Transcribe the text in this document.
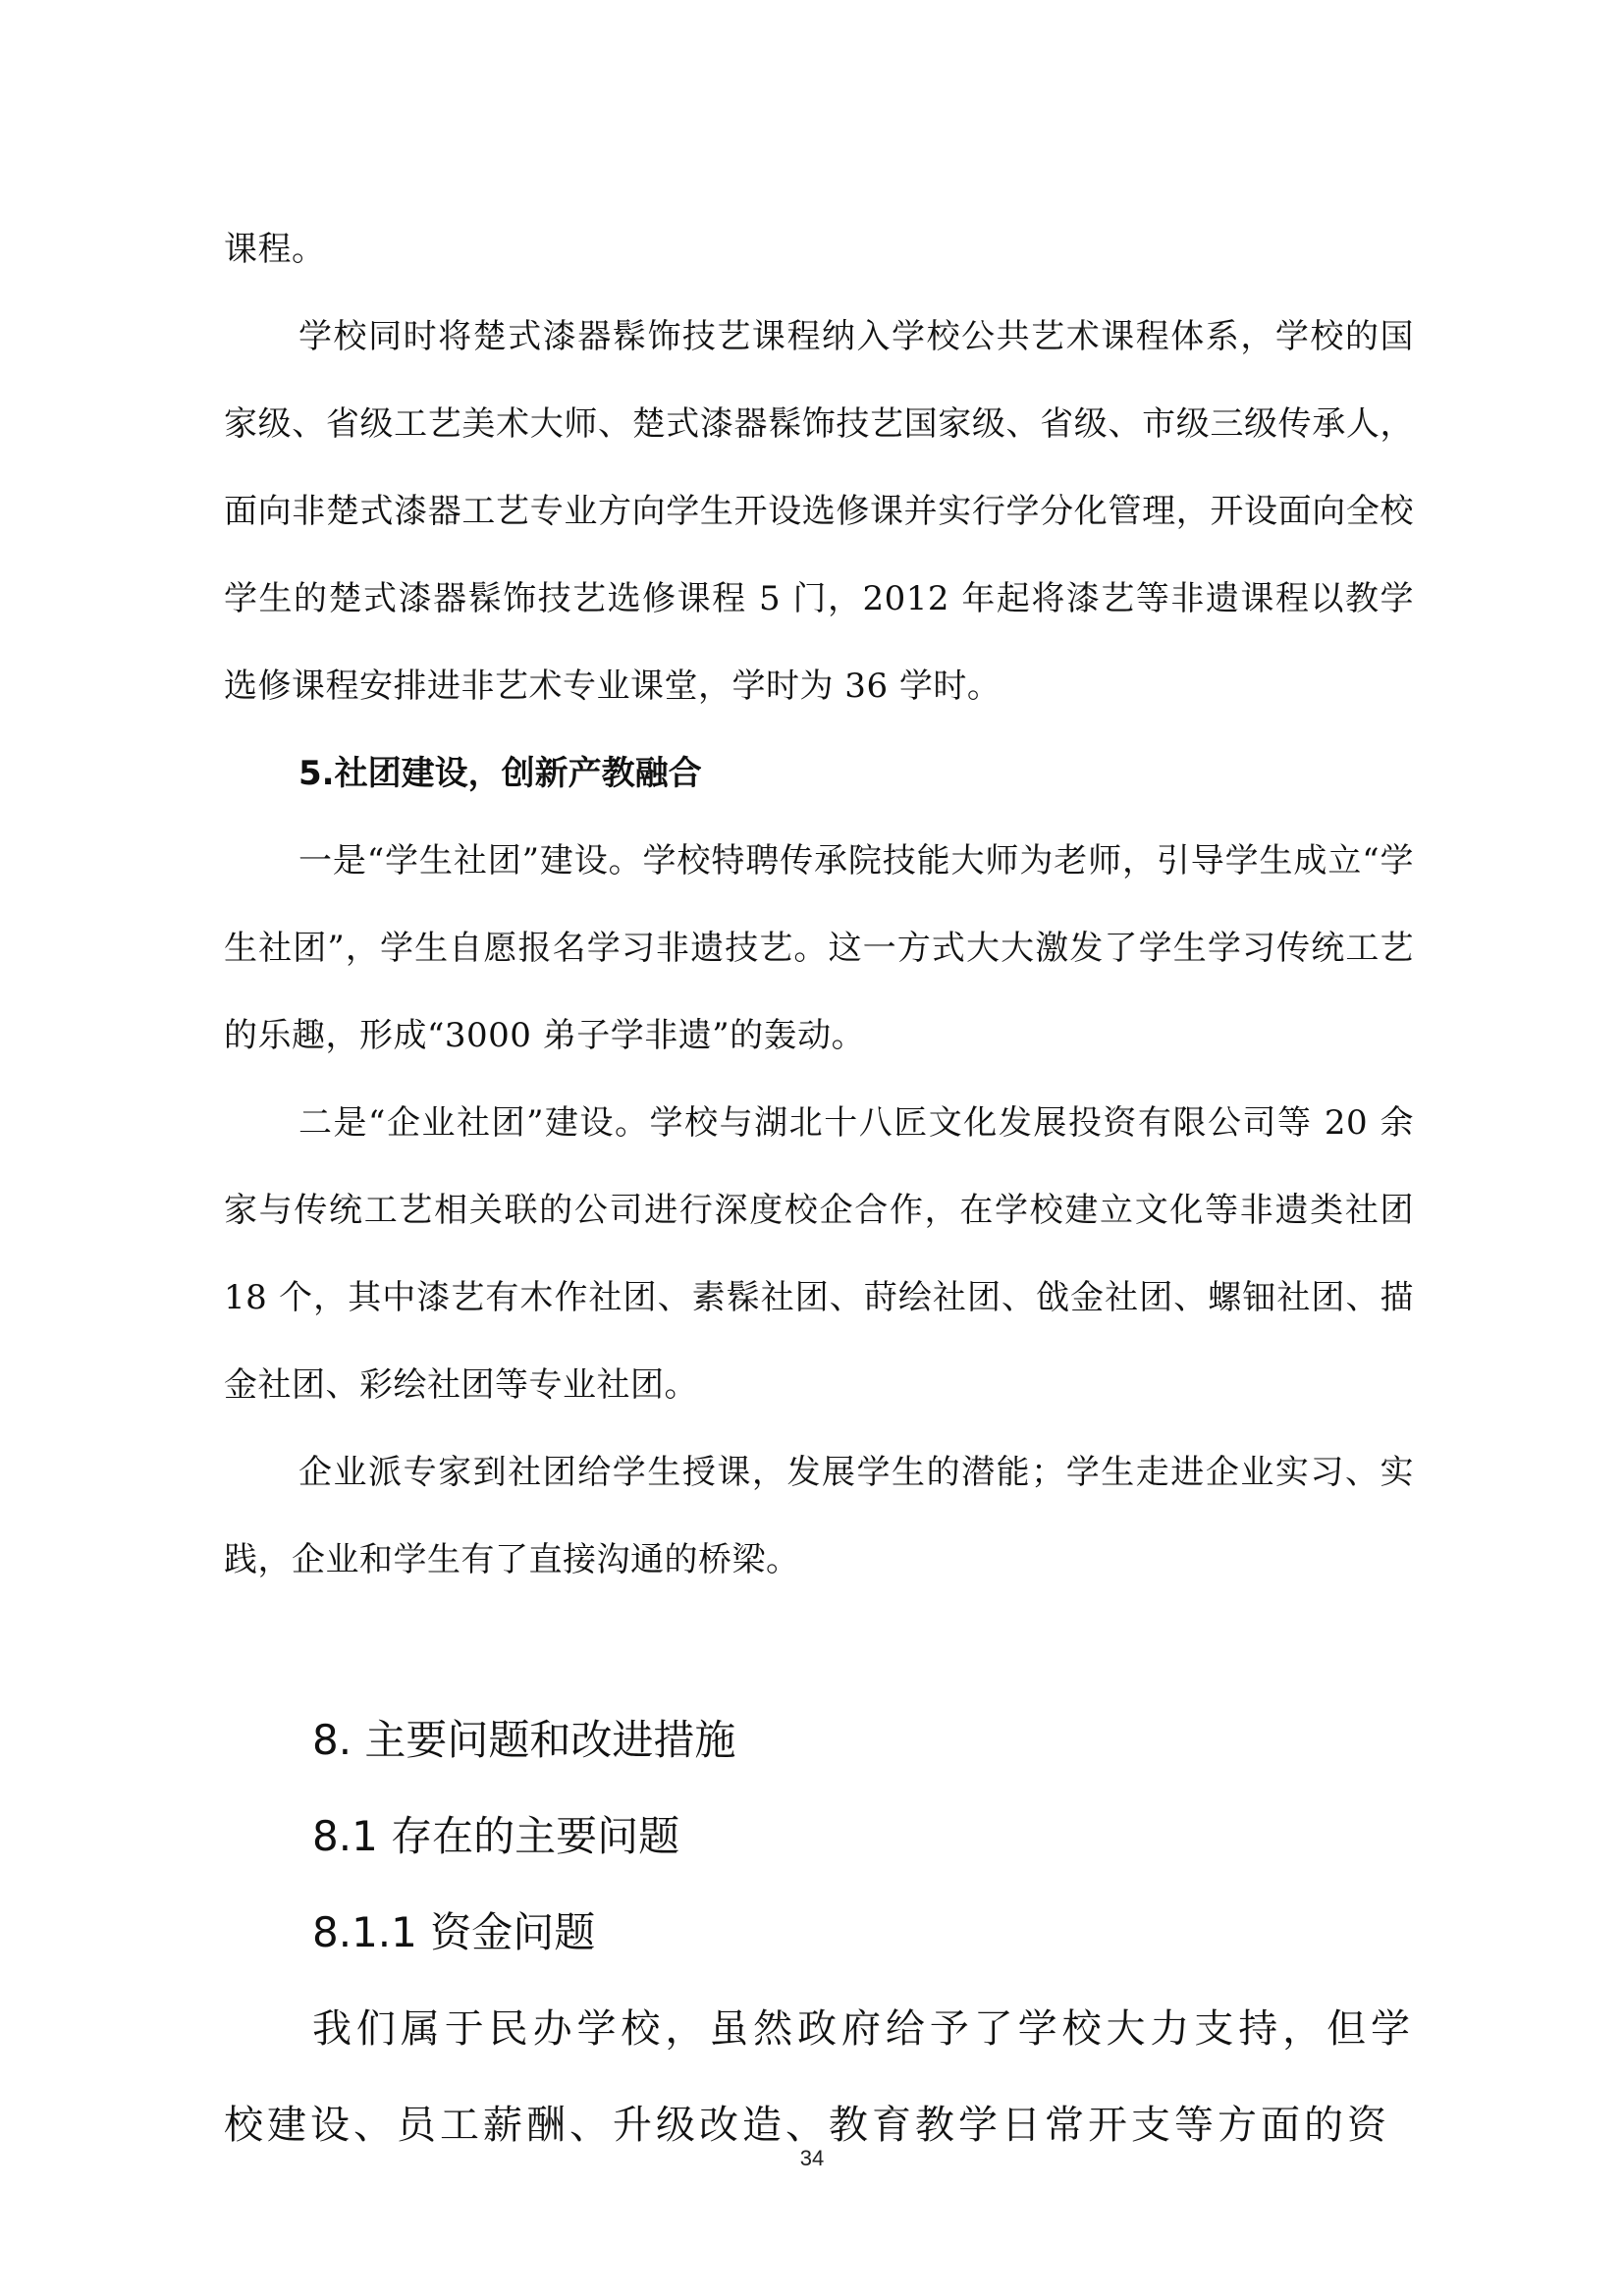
课程。

学校同时将楚式漆器髹饰技艺课程纳入学校公共艺术课程体系，学校的国家级、省级工艺美术大师、楚式漆器髹饰技艺国家级、省级、市级三级传承人，面向非楚式漆器工艺专业方向学生开设选修课并实行学分化管理，开设面向全校学生的楚式漆器髹饰技艺选修课程 5 门，2012 年起将漆艺等非遗课程以教学选修课程安排进非艺术专业课堂，学时为 36 学时。

5.社团建设，创新产教融合

一是“学生社团”建设。学校特聘传承院技能大师为老师，引导学生成立“学生社团”，学生自愿报名学习非遗技艺。这一方式大大激发了学生学习传统工艺的乐趣，形成“3000 弟子学非遗”的轰动。

二是“企业社团”建设。学校与湖北十八匠文化发展投资有限公司等 20 余家与传统工艺相关联的公司进行深度校企合作，在学校建立文化等非遗类社团 18 个，其中漆艺有木作社团、素髹社团、莳绘社团、戗金社团、螺钿社团、描金社团、彩绘社团等专业社团。

企业派专家到社团给学生授课，发展学生的潜能；学生走进企业实习、实践，企业和学生有了直接沟通的桥梁。

8. 主要问题和改进措施

8.1 存在的主要问题

8.1.1 资金问题

我们属于民办学校，虽然政府给予了学校大力支持，但学校建设、员工薪酬、升级改造、教育教学日常开支等方面的资

34
